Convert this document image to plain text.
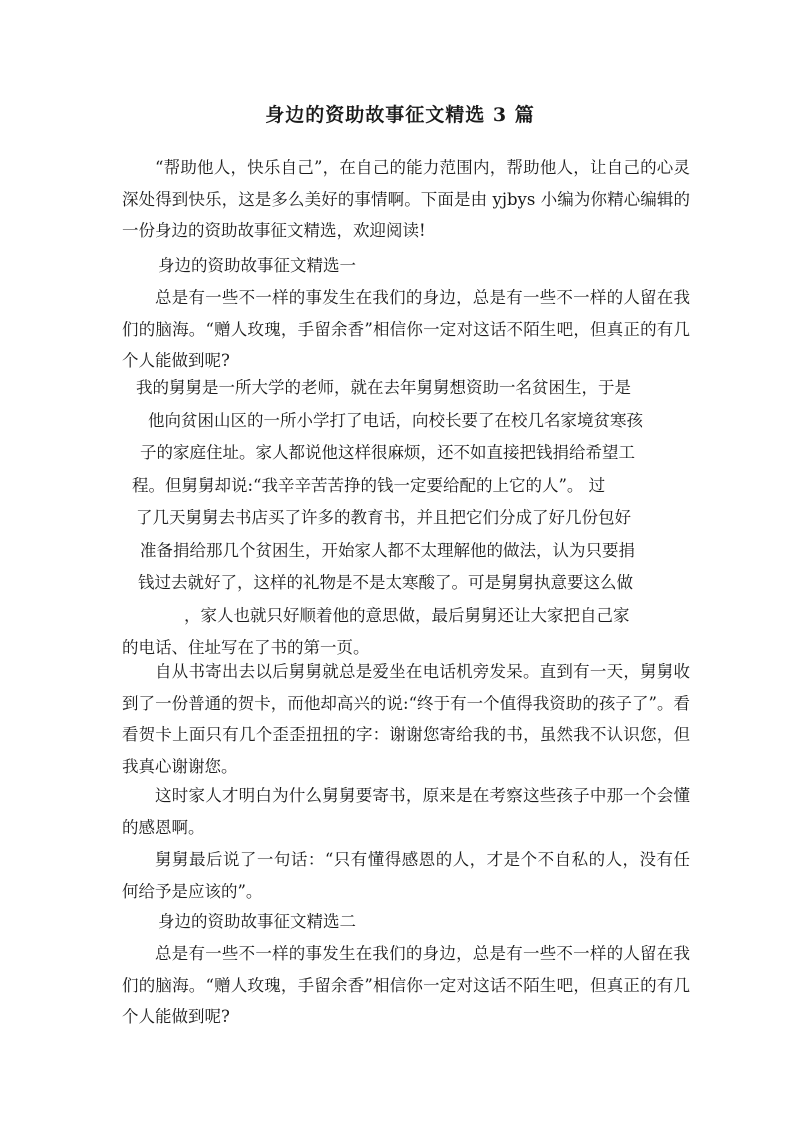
身边的资助故事征文精选 3 篇

“帮助他人，快乐自己”，在自己的能力范围内，帮助他人，让自己的心灵深处得到快乐，这是多么美好的事情啊。下面是由 yjbys 小编为你精心编辑的一份身边的资助故事征文精选，欢迎阅读!

身边的资助故事征文精选一

总是有一些不一样的事发生在我们的身边，总是有一些不一样的人留在我们的脑海。“赠人玫瑰，手留余香”相信你一定对这话不陌生吧，但真正的有几个人能做到呢?

我的舅舅是一所大学的老师，就在去年舅舅想资助一名贫困生，于是
他向贫困山区的一所小学打了电话，向校长要了在校几名家境贫寒孩
子的家庭住址。家人都说他这样很麻烦，还不如直接把钱捐给希望工
程。但舅舅却说:“我辛辛苦苦挣的钱一定要给配的上它的人”。 过
了几天舅舅去书店买了许多的教育书，并且把它们分成了好几份包好
准备捐给那几个贫困生，开始家人都不太理解他的做法，认为只要捐
钱过去就好了，这样的礼物是不是太寒酸了。可是舅舅执意要这么做
，家人也就只好顺着他的意思做，最后舅舅还让大家把自己家
的电话、住址写在了书的第一页。

自从书寄出去以后舅舅就总是爱坐在电话机旁发呆。直到有一天，舅舅收到了一份普通的贺卡，而他却高兴的说:“终于有一个值得我资助的孩子了”。看看贺卡上面只有几个歪歪扭扭的字：谢谢您寄给我的书，虽然我不认识您，但我真心谢谢您。

这时家人才明白为什么舅舅要寄书，原来是在考察这些孩子中那一个会懂的感恩啊。

舅舅最后说了一句话：“只有懂得感恩的人，才是个不自私的人，没有任何给予是应该的”。

身边的资助故事征文精选二

总是有一些不一样的事发生在我们的身边，总是有一些不一样的人留在我们的脑海。“赠人玫瑰，手留余香”相信你一定对这话不陌生吧，但真正的有几个人能做到呢?
